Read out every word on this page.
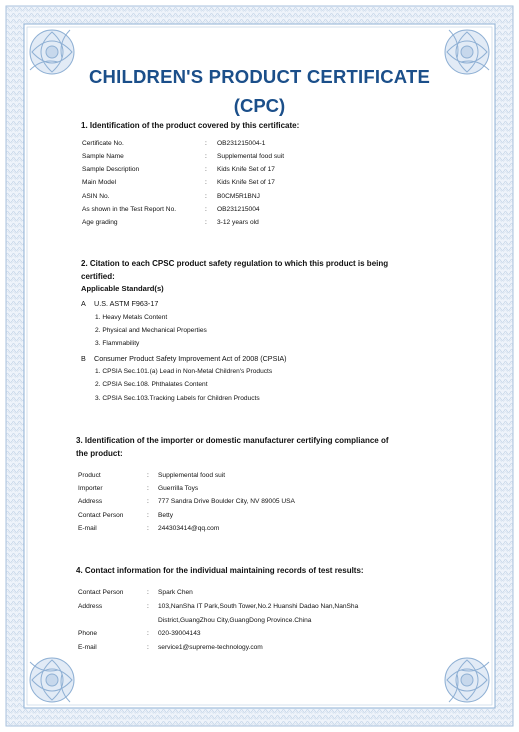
CHILDREN'S PRODUCT CERTIFICATE
(CPC)
1. Identification of the product covered by this certificate:
Certificate No.	: OB231215004-1
Sample Name	: Supplemental food suit
Sample Description	: Kids Knife Set of 17
Main Model	: Kids Knife Set of 17
ASIN No.	: B0CM5R1BNJ
As shown in the Test Report No.	: OB231215004
Age grading	: 3-12 years old
2. Citation to each CPSC product safety regulation to which this product is being
certified:
Applicable Standard(s)
A U.S. ASTM F963-17
1. Heavy Metals Content
2. Physical and Mechanical Properties
3. Flammability
B Consumer Product Safety Improvement Act of 2008 (CPSIA)
1. CPSIA Sec.101.(a) Lead in Non-Metal Children's Products
2. CPSIA Sec.108. Phthalates Content
3. CPSIA Sec.103.Tracking Labels for Children Products
3. Identification of the importer or domestic manufacturer certifying compliance of
the product:
Product	: Supplemental food suit
Importer	: Guerrilla Toys
Address	: 777 Sandra Drive Boulder City, NV 89005 USA
Contact Person	: Betty
E-mail	: 244303414@qq.com
4. Contact information for the individual maintaining records of test results:
Contact Person	: Spark Chen
Address	: 103,NanSha IT Park,South Tower,No.2 Huanshi Dadao Nan,NanSha
District,GuangZhou City,GuangDong Province.China
Phone	: 020-39004143
E-mail	: service1@supreme-technology.com
